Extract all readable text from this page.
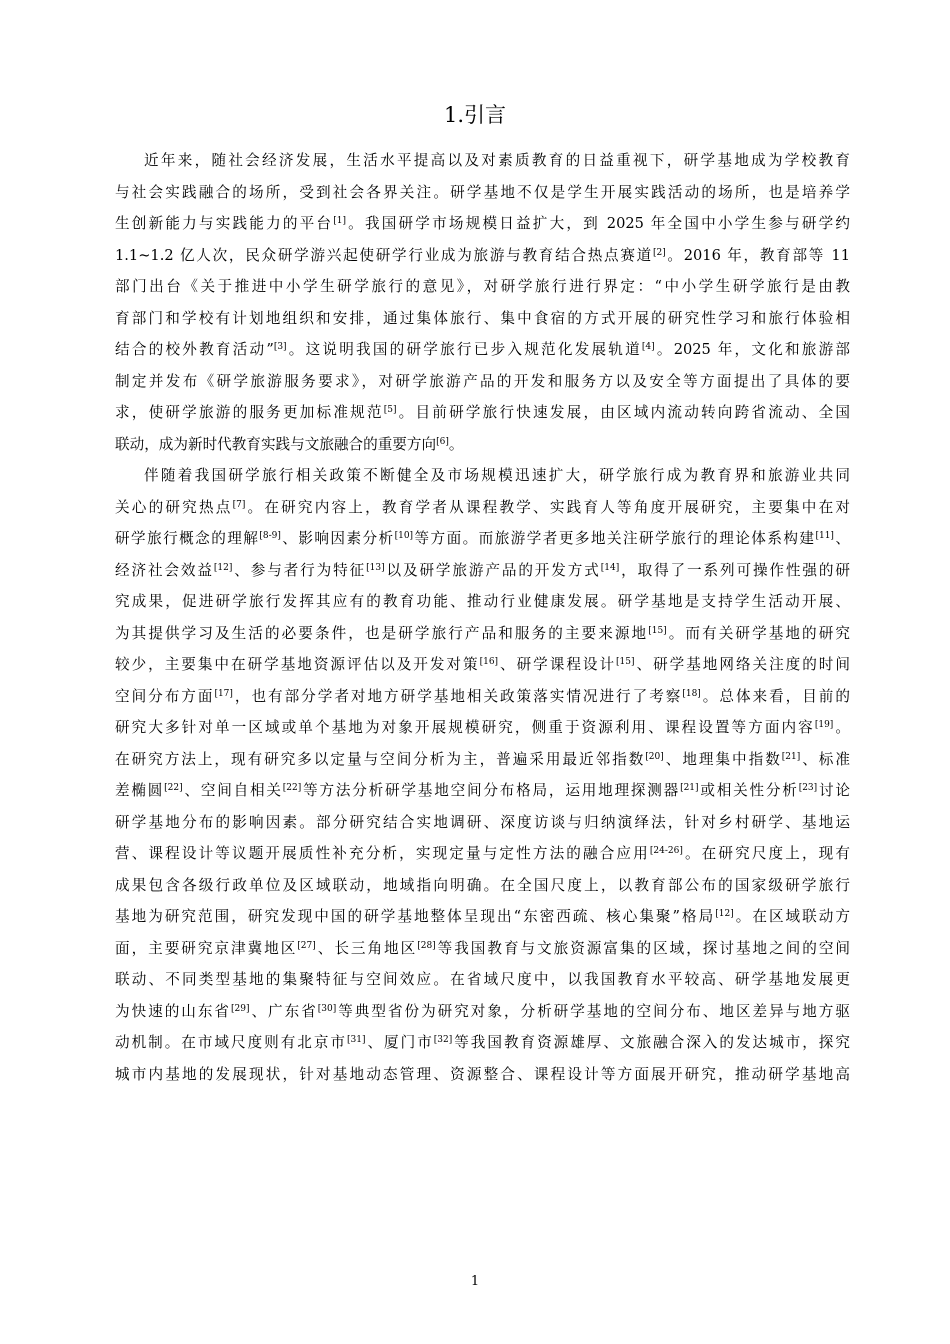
1.引言
近年来，随社会经济发展，生活水平提高以及对素质教育的日益重视下，研学基地成为学校教育
与社会实践融合的场所，受到社会各界关注。研学基地不仅是学生开展实践活动的场所，也是培养学
生创新能力与实践能力的平台[1]。我国研学市场规模日益扩大，到 2025 年全国中小学生参与研学约
1.1~1.2 亿人次，民众研学游兴起使研学行业成为旅游与教育结合热点赛道[2]。2016 年，教育部等 11
部门出台《关于推进中小学生研学旅行的意见》，对研学旅行进行界定：“中小学生研学旅行是由教
育部门和学校有计划地组织和安排，通过集体旅行、集中食宿的方式开展的研究性学习和旅行体验相
结合的校外教育活动”[3]。这说明我国的研学旅行已步入规范化发展轨道[4]。2025 年，文化和旅游部
制定并发布《研学旅游服务要求》，对研学旅游产品的开发和服务方以及安全等方面提出了具体的要
求，使研学旅游的服务更加标准规范[5]。目前研学旅行快速发展，由区域内流动转向跨省流动、全国
联动，成为新时代教育实践与文旅融合的重要方向[6]。
伴随着我国研学旅行相关政策不断健全及市场规模迅速扩大，研学旅行成为教育界和旅游业共同
关心的研究热点[7]。在研究内容上，教育学者从课程教学、实践育人等角度开展研究，主要集中在对
研学旅行概念的理解[8-9]、影响因素分析[10]等方面。而旅游学者更多地关注研学旅行的理论体系构建[11]、
经济社会效益[12]、参与者行为特征[13]以及研学旅游产品的开发方式[14]，取得了一系列可操作性强的研
究成果，促进研学旅行发挥其应有的教育功能、推动行业健康发展。研学基地是支持学生活动开展、
为其提供学习及生活的必要条件，也是研学旅行产品和服务的主要来源地[15]。而有关研学基地的研究
较少，主要集中在研学基地资源评估以及开发对策[16]、研学课程设计[15]、研学基地网络关注度的时间
空间分布方面[17]，也有部分学者对地方研学基地相关政策落实情况进行了考察[18]。总体来看，目前的
研究大多针对单一区域或单个基地为对象开展规模研究，侧重于资源利用、课程设置等方面内容[19]。
在研究方法上，现有研究多以定量与空间分析为主，普遍采用最近邻指数[20]、地理集中指数[21]、标准
差椭圆[22]、空间自相关[22]等方法分析研学基地空间分布格局，运用地理探测器[21]或相关性分析[23]讨论
研学基地分布的影响因素。部分研究结合实地调研、深度访谈与归纳演绎法，针对乡村研学、基地运
营、课程设计等议题开展质性补充分析，实现定量与定性方法的融合应用[24-26]。在研究尺度上，现有
成果包含各级行政单位及区域联动，地域指向明确。在全国尺度上，以教育部公布的国家级研学旅行
基地为研究范围，研究发现中国的研学基地整体呈现出“东密西疏、核心集聚”格局[12]。在区域联动方
面，主要研究京津冀地区[27]、长三角地区[28]等我国教育与文旅资源富集的区域，探讨基地之间的空间
联动、不同类型基地的集聚特征与空间效应。在省域尺度中，以我国教育水平较高、研学基地发展更
为快速的山东省[29]、广东省[30]等典型省份为研究对象，分析研学基地的空间分布、地区差异与地方驱
动机制。在市域尺度则有北京市[31]、厦门市[32]等我国教育资源雄厚、文旅融合深入的发达城市，探究
城市内基地的发展现状，针对基地动态管理、资源整合、课程设计等方面展开研究，推动研学基地高
1
